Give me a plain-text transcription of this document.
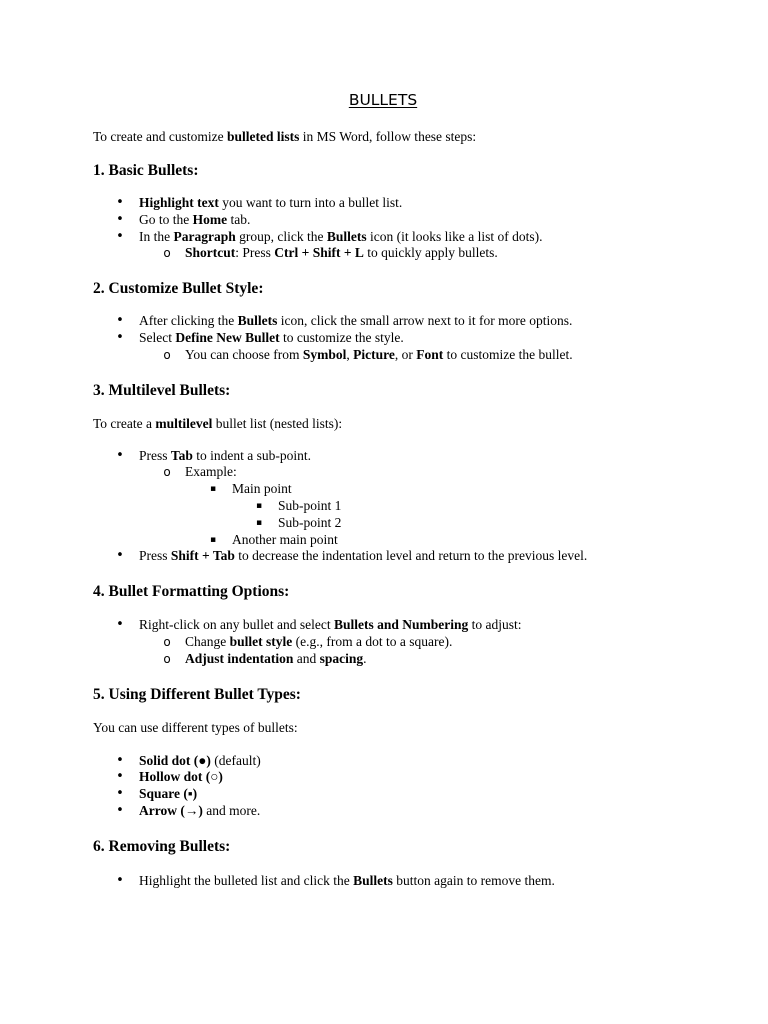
BULLETS

To create and customize bulleted lists in MS Word, follow these steps:

1. Basic Bullets:
•	Highlight text you want to turn into a bullet list.
•	Go to the Home tab.
•	In the Paragraph group, click the Bullets icon (it looks like a list of dots).
o	Shortcut: Press Ctrl + Shift + L to quickly apply bullets.
2. Customize Bullet Style:
•	After clicking the Bullets icon, click the small arrow next to it for more options.
•	Select Define New Bullet to customize the style.
o	You can choose from Symbol, Picture, or Font to customize the bullet.
3. Multilevel Bullets:

To create a multilevel bullet list (nested lists):

•	Press Tab to indent a sub-point.
o	Example:
▪	Main point
▪	Sub-point 1
▪	Sub-point 2
▪	Another main point
•	Press Shift + Tab to decrease the indentation level and return to the previous level.
4. Bullet Formatting Options:
•	Right-click on any bullet and select Bullets and Numbering to adjust:
o	Change bullet style (e.g., from a dot to a square).
o	Adjust indentation and spacing.
5. Using Different Bullet Types:

You can use different types of bullets:

•	Solid dot (●) (default)
•	Hollow dot (○)
•	Square (▪)
•	Arrow (→) and more.
6. Removing Bullets:
•	Highlight the bulleted list and click the Bullets button again to remove them.
